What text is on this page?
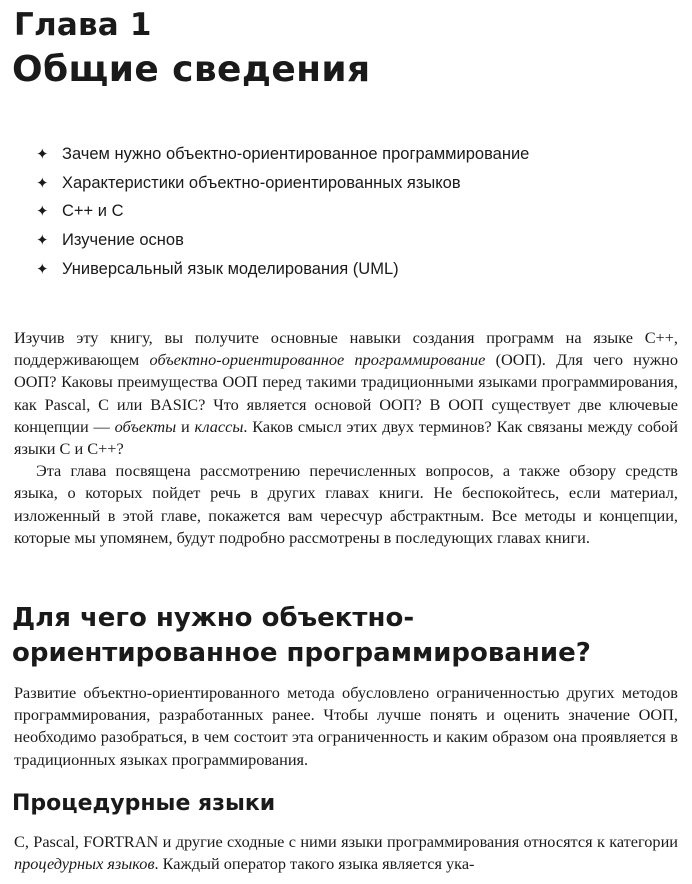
Глава 1
Общие сведения
✦ Зачем нужно объектно-ориентированное программирование
✦ Характеристики объектно-ориентированных языков
✦ C++ и C
✦ Изучение основ
✦ Универсальный язык моделирования (UML)

Изучив эту книгу, вы получите основные навыки создания программ на языке C++, поддерживающем объектно-ориентированное программирование (ООП). Для чего нужно ООП? Каковы преимущества ООП перед такими традиционными языками программирования, как Pascal, C или BASIC? Что является основой ООП? В ООП существует две ключевые концепции — объекты и классы. Каков смысл этих двух терминов? Как связаны между собой языки C и C++?

Эта глава посвящена рассмотрению перечисленных вопросов, а также обзору средств языка, о которых пойдет речь в других главах книги. Не беспокойтесь, если материал, изложенный в этой главе, покажется вам чересчур абстрактным. Все методы и концепции, которые мы упомянем, будут подробно рассмотрены в последующих главах книги.

Для чего нужно объектно-
ориентированное программирование?

Развитие объектно-ориентированного метода обусловлено ограниченностью других методов программирования, разработанных ранее. Чтобы лучше понять и оценить значение ООП, необходимо разобраться, в чем состоит эта ограниченность и каким образом она проявляется в традиционных языках программирования.

Процедурные языки

C, Pascal, FORTRAN и другие сходные с ними языки программирования относятся к категории процедурных языков. Каждый оператор такого языка является ука-
